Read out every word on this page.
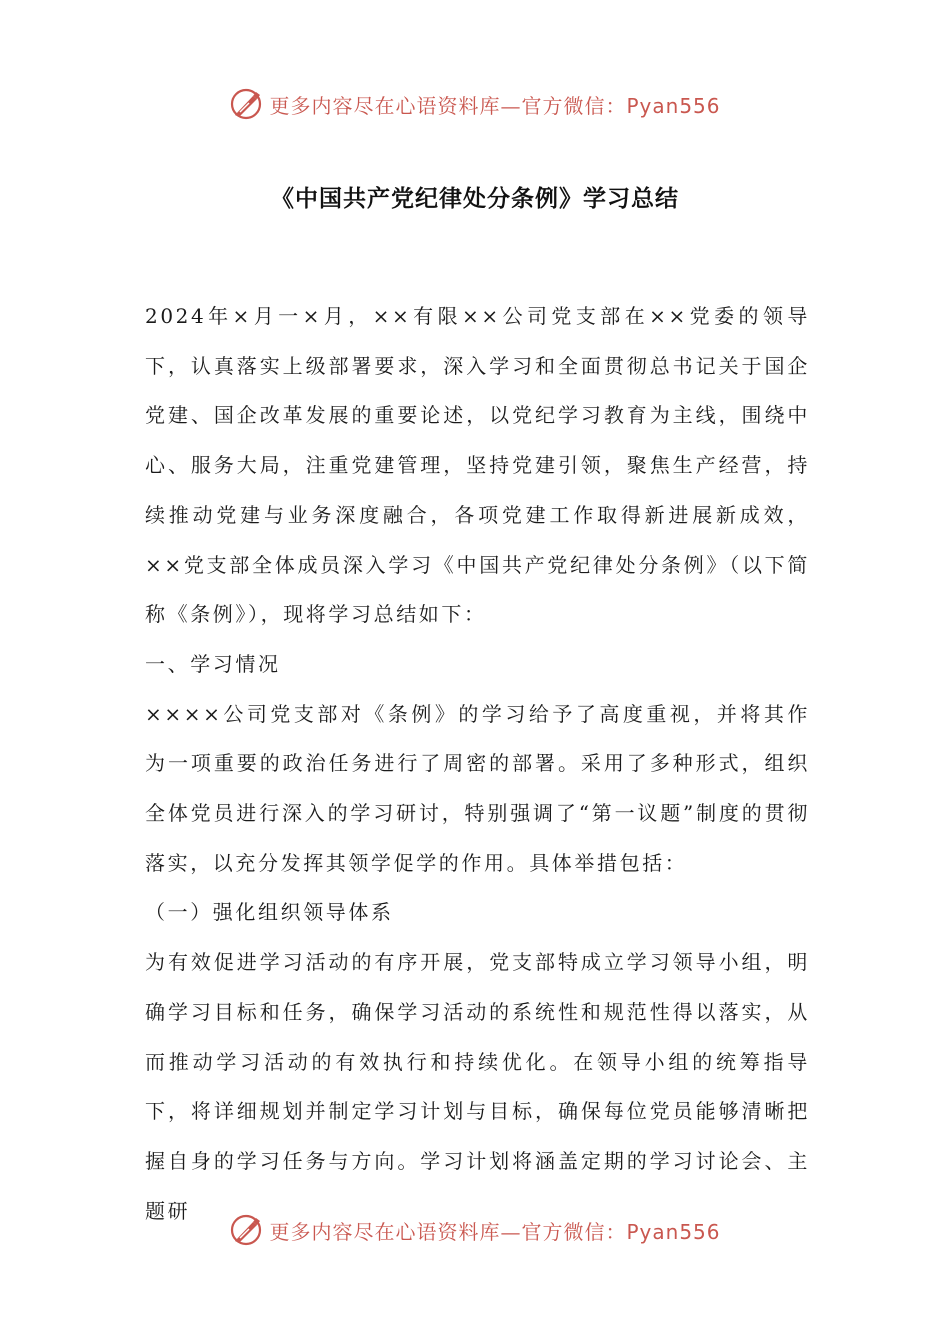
更多内容尽在心语资料库—官方微信：Pyan556
《中国共产党纪律处分条例》学习总结

2024年×月一×月，××有限××公司党支部在××党委的领导下，认真落实上级部署要求，深入学习和全面贯彻总书记关于国企党建、国企改革发展的重要论述，以党纪学习教育为主线，围绕中心、服务大局，注重党建管理，坚持党建引领，聚焦生产经营，持续推动党建与业务深度融合，各项党建工作取得新进展新成效，××党支部全体成员深入学习《中国共产党纪律处分条例》（以下简称《条例》），现将学习总结如下：

一、学习情况

××××公司党支部对《条例》的学习给予了高度重视，并将其作为一项重要的政治任务进行了周密的部署。采用了多种形式，组织全体党员进行深入的学习研讨，特别强调了“第一议题”制度的贯彻落实，以充分发挥其领学促学的作用。具体举措包括：

（一）强化组织领导体系

为有效促进学习活动的有序开展，党支部特成立学习领导小组，明确学习目标和任务，确保学习活动的系统性和规范性得以落实，从而推动学习活动的有效执行和持续优化。在领导小组的统筹指导下，将详细规划并制定学习计划与目标，确保每位党员能够清晰把握自身的学习任务与方向。学习计划将涵盖定期的学习讨论会、主题研

更多内容尽在心语资料库—官方微信：Pyan556
